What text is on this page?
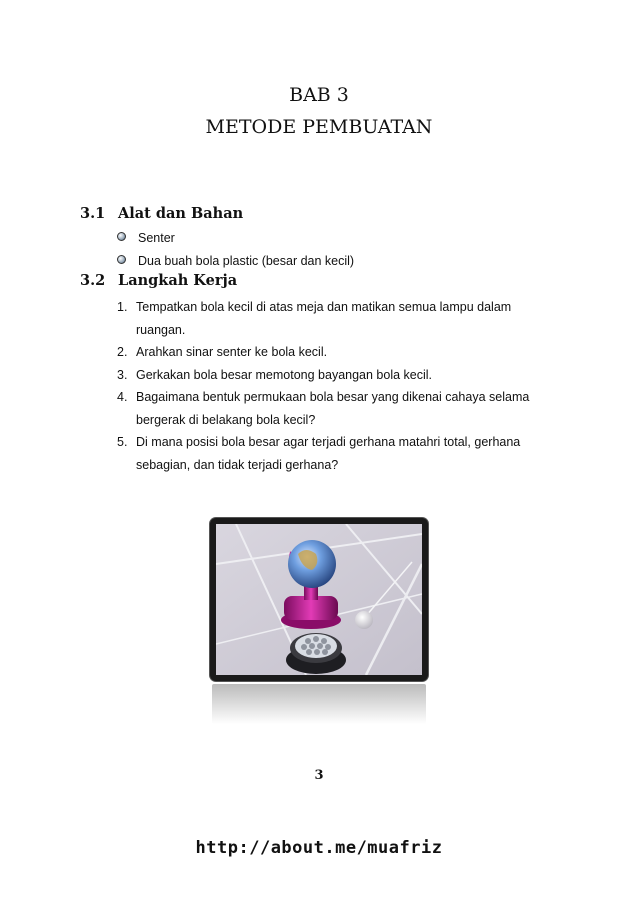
BAB 3
METODE PEMBUATAN
3.1 Alat dan Bahan
Senter
Dua buah bola plastic (besar dan kecil)
3.2 Langkah Kerja
1. Tempatkan bola kecil di atas meja dan matikan semua lampu dalam
ruangan.
2. Arahkan sinar senter ke bola kecil.
3. Gerkakan bola besar memotong bayangan bola kecil.
4. Bagaimana bentuk permukaan bola besar yang dikenai cahaya selama
bergerak di belakang bola kecil?
5. Di mana posisi bola besar agar terjadi gerhana matahri total, gerhana
sebagian, dan tidak terjadi gerhana?
3
http://about.me/muafriz
